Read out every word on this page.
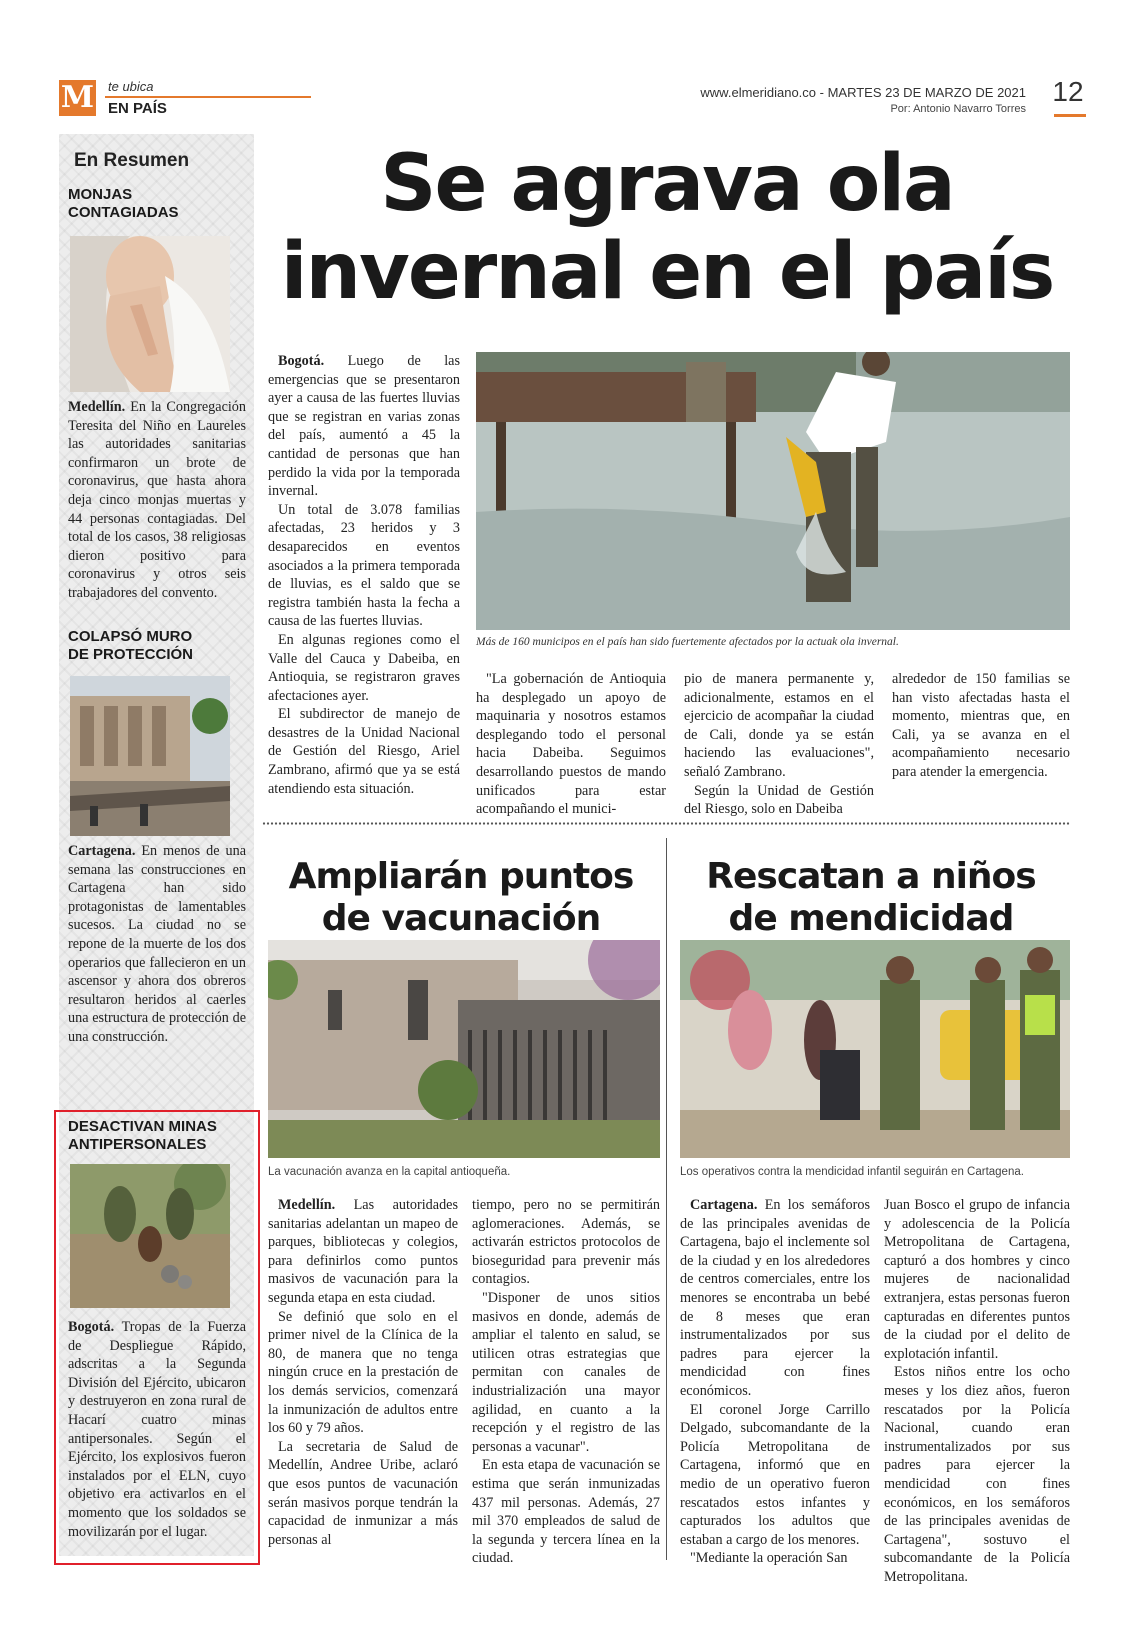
M te ubica
EN PAÍS
www.elmeridiano.co - MARTES 23 DE MARZO DE 2021
Por: Antonio Navarro Torres
12
En Resumen
MONJAS
CONTAGIADAS
Medellín. En la Congregación Teresita del Niño en Laureles las autoridades sanitarias confirmaron un brote de coronavirus, que hasta ahora deja cinco monjas muertas y 44 personas contagiadas. Del total de los casos, 38 religiosas dieron positivo para coronavirus y otros seis trabajadores del convento.
COLAPSÓ MURO
DE PROTECCIÓN
Cartagena. En menos de una semana las construcciones en Cartagena han sido protagonistas de lamentables sucesos. La ciudad no se repone de la muerte de los dos operarios que fallecieron en un ascensor y ahora dos obreros resultaron heridos al caerles una estructura de protección de una construcción.
DESACTIVAN MINAS
ANTIPERSONALES
Bogotá. Tropas de la Fuerza de Despliegue Rápido, adscritas a la Segunda División del Ejército, ubicaron y destruyeron en zona rural de Hacarí cuatro minas antipersonales. Según el Ejército, los explosivos fueron instalados por el ELN, cuyo objetivo era activarlos en el momento que los soldados se movilizarán por el lugar.
Se agrava ola
invernal en el país

Bogotá. Luego de las emergencias que se presentaron ayer a causa de las fuertes lluvias que se registran en varias zonas del país, aumentó a 45 la cantidad de personas que han perdido la vida por la temporada invernal.

Un total de 3.078 familias afectadas, 23 heridos y 3 desaparecidos en eventos asociados a la primera temporada de lluvias, es el saldo que se registra también hasta la fecha a causa de las fuertes lluvias.

En algunas regiones como el Valle del Cauca y Dabeiba, en Antioquia, se registraron graves afectaciones ayer.

El subdirector de manejo de desastres de la Unidad Nacional de Gestión del Riesgo, Ariel Zambrano, afirmó que ya se está atendiendo esta situación.

Más de 160 municipos en el país han sido fuertemente afectados por la actuak ola invernal.

"La gobernación de Antioquia ha desplegado un apoyo de maquinaria y nosotros estamos desplegando todo el personal hacia Dabeiba. Seguimos desarrollando puestos de mando unificados para estar acompañando el munici-

pio de manera permanente y, adicionalmente, estamos en el ejercicio de acompañar la ciudad de Cali, donde ya se están haciendo las evaluaciones", señaló Zambrano.

Según la Unidad de Gestión del Riesgo, solo en Dabeiba

alrededor de 150 familias se han visto afectadas hasta el momento, mientras que, en Cali, ya se avanza en el acompañamiento necesario para atender la emergencia.

Ampliarán puntos
de vacunación
La vacunación avanza en la capital antioqueña.

Medellín. Las autoridades sanitarias adelantan un mapeo de parques, bibliotecas y colegios, para definirlos como puntos masivos de vacunación para la segunda etapa en esta ciudad.

Se definió que solo en el primer nivel de la Clínica de la 80, de manera que no tenga ningún cruce en la prestación de los demás servicios, comenzará la inmunización de adultos entre los 60 y 79 años.

La secretaria de Salud de Medellín, Andree Uribe, aclaró que esos puntos de vacunación serán masivos porque tendrán la capacidad de inmunizar a más personas al

tiempo, pero no se permitirán aglomeraciones. Además, se activarán estrictos protocolos de bioseguridad para prevenir más contagios.

"Disponer de unos sitios masivos en donde, además de ampliar el talento en salud, se utilicen otras estrategias que permitan con canales de industrialización una mayor agilidad, en cuanto a la recepción y el registro de las personas a vacunar".

En esta etapa de vacunación se estima que serán inmunizadas 437 mil personas. Además, 27 mil 370 empleados de salud de la segunda y tercera línea en la ciudad.

Rescatan a niños
de mendicidad
Los operativos contra la mendicidad infantil seguirán en Cartagena.

Cartagena. En los semáforos de las principales avenidas de Cartagena, bajo el inclemente sol de la ciudad y en los alrededores de centros comerciales, entre los menores se encontraba un bebé de 8 meses que eran instrumentalizados por sus padres para ejercer la mendicidad con fines económicos.

El coronel Jorge Carrillo Delgado, subcomandante de la Policía Metropolitana de Cartagena, informó que en medio de un operativo fueron rescatados estos infantes y capturados los adultos que estaban a cargo de los menores.

"Mediante la operación San

Juan Bosco el grupo de infancia y adolescencia de la Policía Metropolitana de Cartagena, capturó a dos hombres y cinco mujeres de nacionalidad extranjera, estas personas fueron capturadas en diferentes puntos de la ciudad por el delito de explotación infantil.

Estos niños entre los ocho meses y los diez años, fueron rescatados por la Policía Nacional, cuando eran instrumentalizados por sus padres para ejercer la mendicidad con fines económicos, en los semáforos de las principales avenidas de Cartagena", sostuvo el subcomandante de la Policía Metropolitana.
